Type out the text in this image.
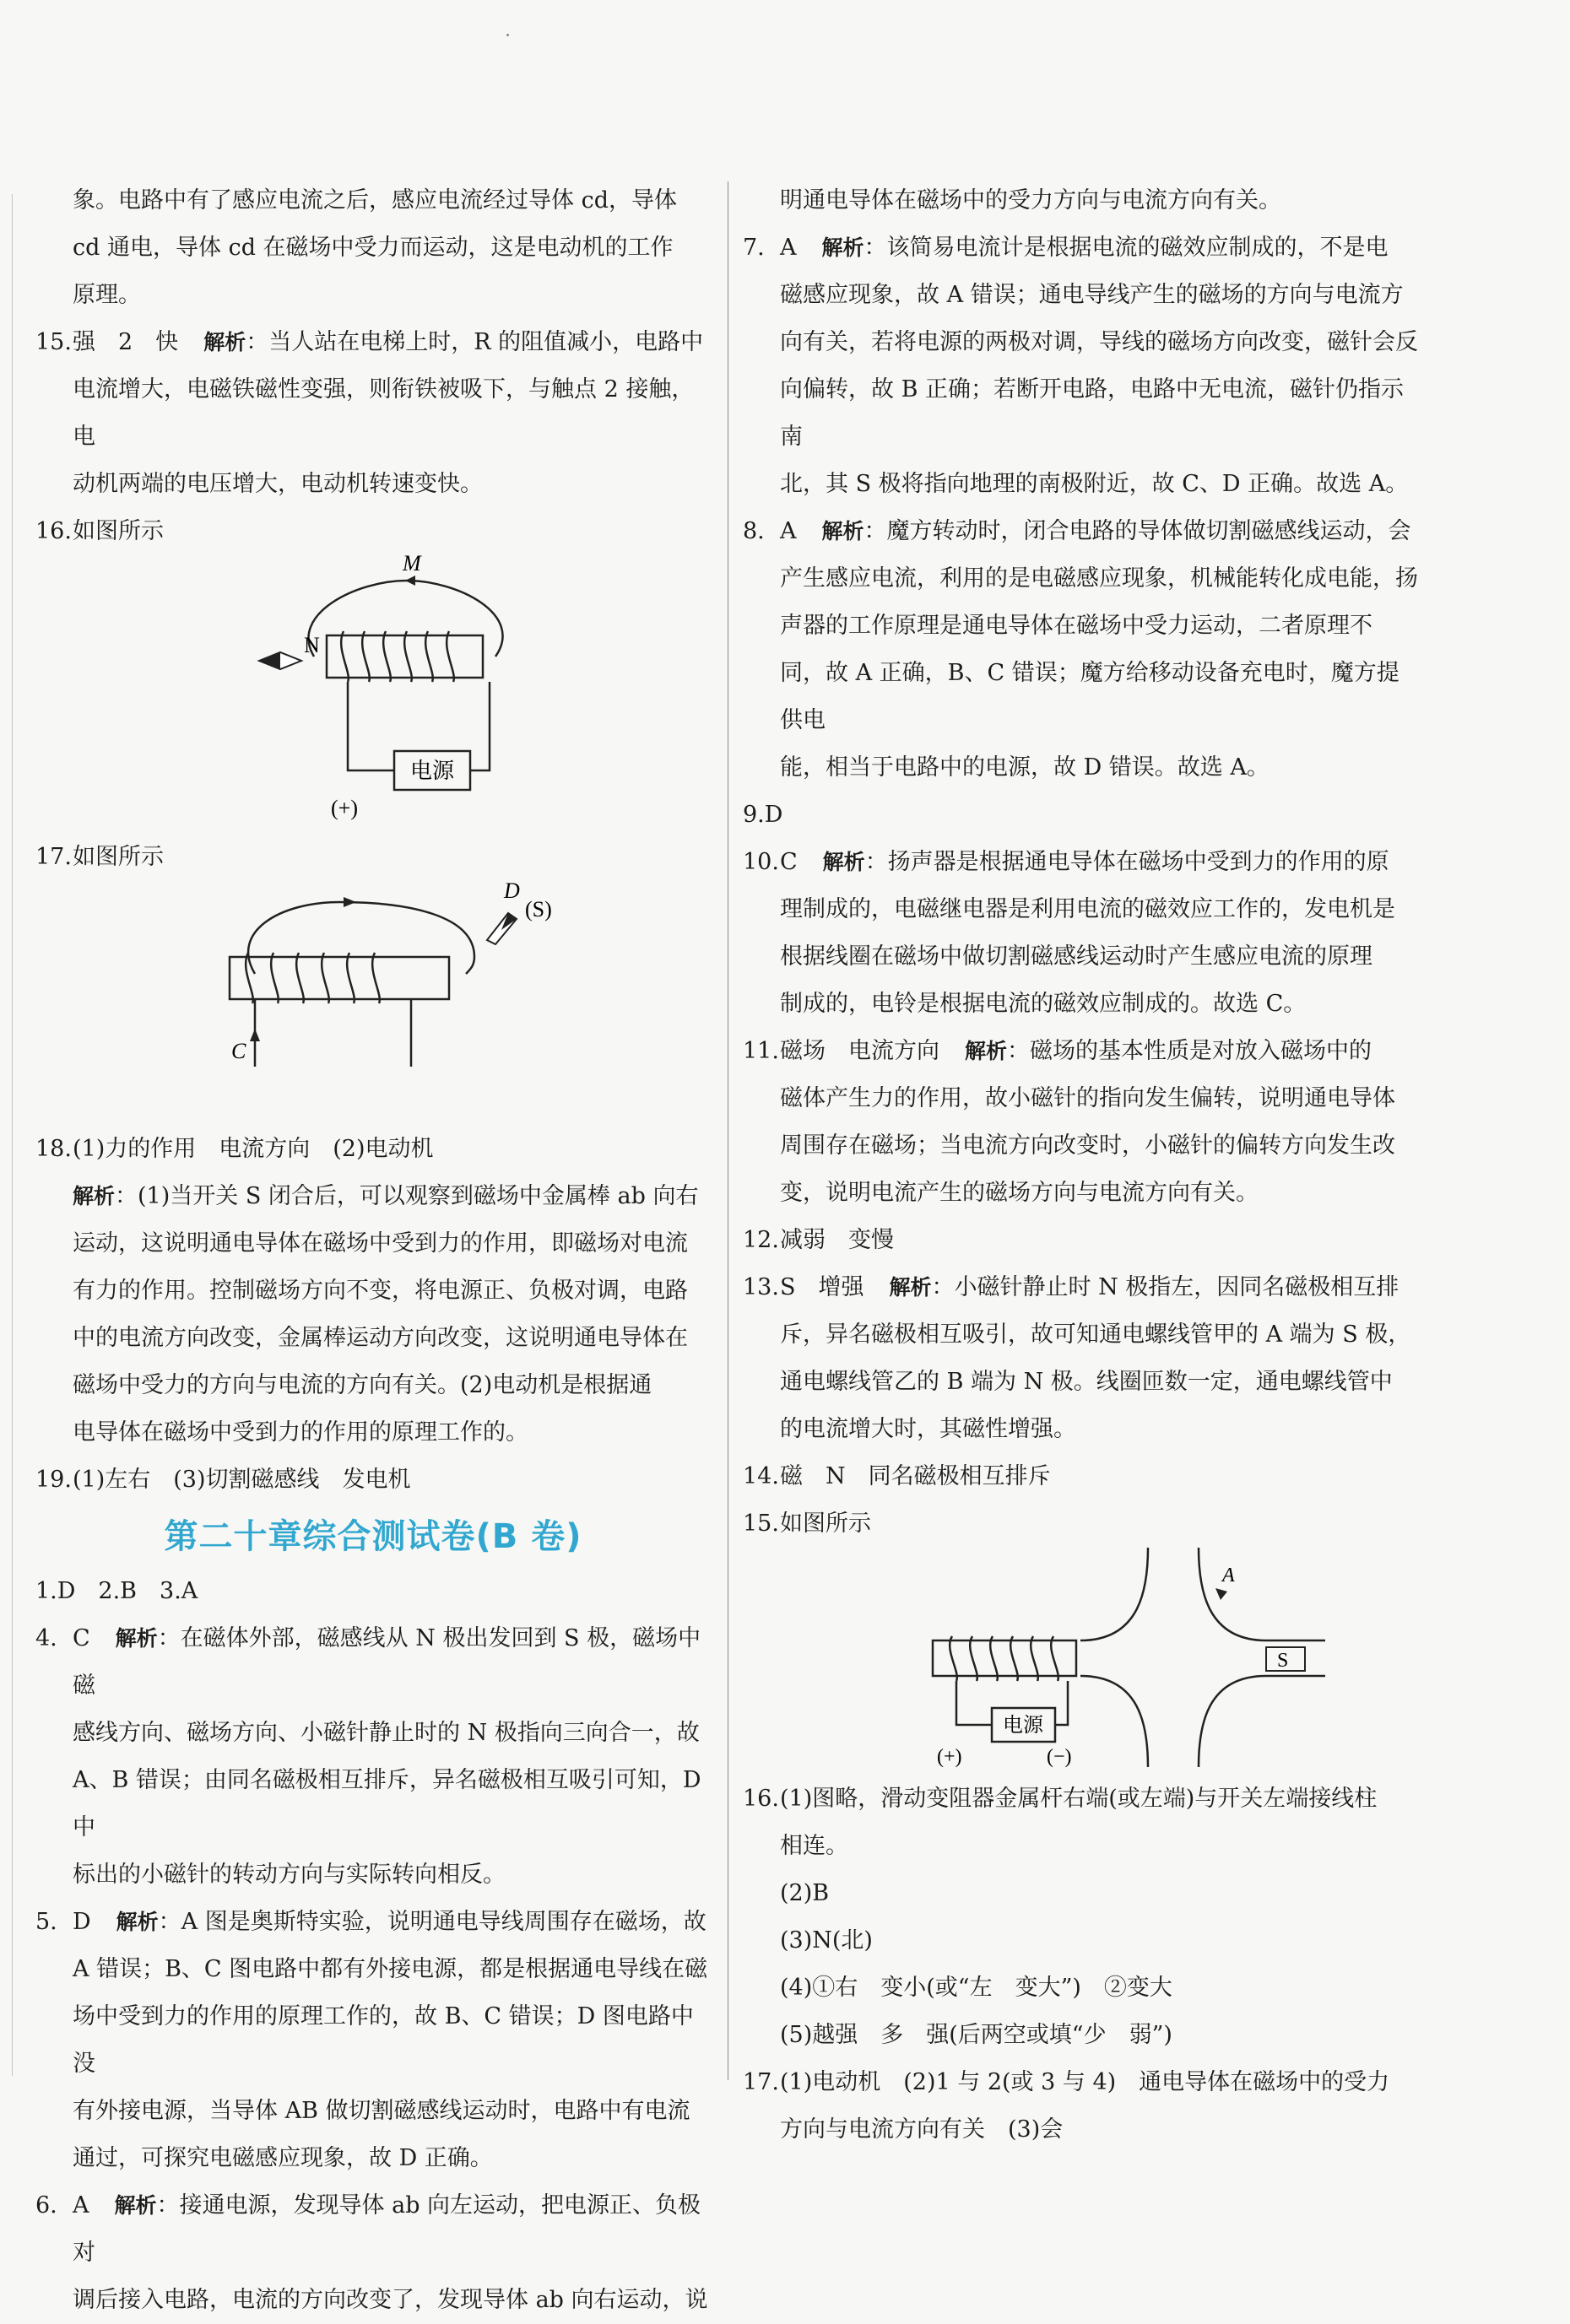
象。电路中有了感应电流之后，感应电流经过导体 cd，导体
cd 通电，导体 cd 在磁场中受力而运动，这是电动机的工作
原理。
15. 强　2　快 解析：当人站在电梯上时，R 的阻值减小，电路中
电流增大，电磁铁磁性变强，则衔铁被吸下，与触点 2 接触，电
动机两端的电压增大，电动机转速变快。
16. 如图所示
M
N
电源
(+)
17. 如图所示
C
D
(S)
18. (1)力的作用　电流方向　(2)电动机
解析：(1)当开关 S 闭合后，可以观察到磁场中金属棒 ab 向右
运动，这说明通电导体在磁场中受到力的作用，即磁场对电流
有力的作用。控制磁场方向不变，将电源正、负极对调，电路
中的电流方向改变，金属棒运动方向改变，这说明通电导体在
磁场中受力的方向与电流的方向有关。(2)电动机是根据通
电导体在磁场中受到力的作用的原理工作的。
19. (1)左右　(3)切割磁感线　发电机
第二十章综合测试卷(B 卷)
1.D　2.B　3.A
4. C 解析：在磁体外部，磁感线从 N 极出发回到 S 极，磁场中磁
感线方向、磁场方向、小磁针静止时的 N 极指向三向合一，故
A、B 错误；由同名磁极相互排斥，异名磁极相互吸引可知，D 中
标出的小磁针的转动方向与实际转向相反。
5. D 解析：A 图是奥斯特实验，说明通电导线周围存在磁场，故
A 错误；B、C 图电路中都有外接电源，都是根据通电导线在磁
场中受到力的作用的原理工作的，故 B、C 错误；D 图电路中没
有外接电源，当导体 AB 做切割磁感线运动时，电路中有电流
通过，可探究电磁感应现象，故 D 正确。
6. A 解析：接通电源，发现导体 ab 向左运动，把电源正、负极对
调后接入电路，电流的方向改变了，发现导体 ab 向右运动，说
明通电导体在磁场中的受力方向与电流方向有关。
7. A 解析：该简易电流计是根据电流的磁效应制成的，不是电
磁感应现象，故 A 错误；通电导线产生的磁场的方向与电流方
向有关，若将电源的两极对调，导线的磁场方向改变，磁针会反
向偏转，故 B 正确；若断开电路，电路中无电流，磁针仍指示南
北，其 S 极将指向地理的南极附近，故 C、D 正确。故选 A。
8. A 解析：魔方转动时，闭合电路的导体做切割磁感线运动，会
产生感应电流，利用的是电磁感应现象，机械能转化成电能，扬
声器的工作原理是通电导体在磁场中受力运动，二者原理不
同，故 A 正确，B、C 错误；魔方给移动设备充电时，魔方提供电
能，相当于电路中的电源，故 D 错误。故选 A。
9.D
10. C 解析：扬声器是根据通电导体在磁场中受到力的作用的原
理制成的，电磁继电器是利用电流的磁效应工作的，发电机是
根据线圈在磁场中做切割磁感线运动时产生感应电流的原理
制成的，电铃是根据电流的磁效应制成的。故选 C。
11. 磁场　电流方向 解析：磁场的基本性质是对放入磁场中的
磁体产生力的作用，故小磁针的指向发生偏转，说明通电导体
周围存在磁场；当电流方向改变时，小磁针的偏转方向发生改
变，说明电流产生的磁场方向与电流方向有关。
12. 减弱　变慢
13. S　增强 解析：小磁针静止时 N 极指左，因同名磁极相互排
斥，异名磁极相互吸引，故可知通电螺线管甲的 A 端为 S 极，
通电螺线管乙的 B 端为 N 极。线圈匝数一定，通电螺线管中
的电流增大时，其磁性增强。
14. 磁　N　同名磁极相互排斥
15. 如图所示
S
A
电源
(+)	(−)
16. (1)图略，滑动变阻器金属杆右端(或左端)与开关左端接线柱
相连。
(2)B
(3)N(北)
(4)①右　变小(或“左　变大”)　②变大
(5)越强　多　强(后两空或填“少　弱”)
17. (1)电动机　(2)1 与 2(或 3 与 4)　通电导体在磁场中的受力
方向与电流方向有关　(3)会
